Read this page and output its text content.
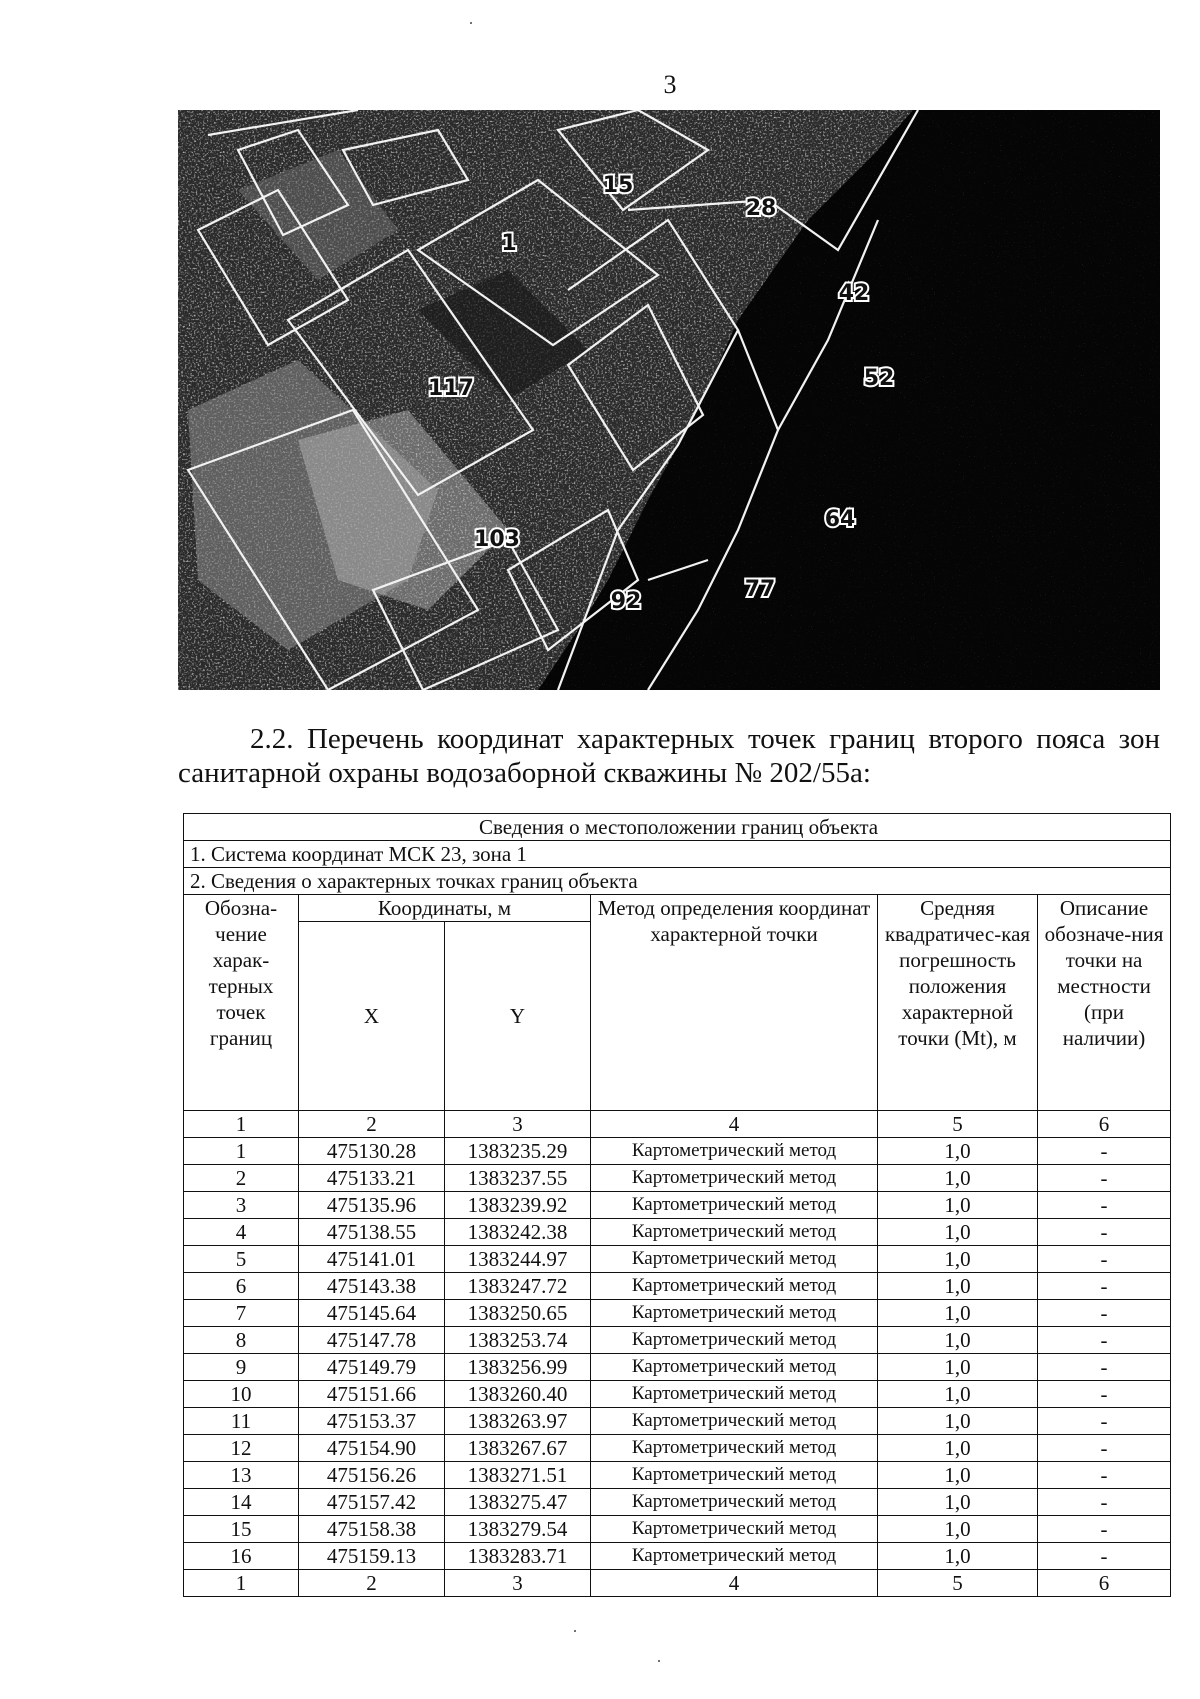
3
15
28
1
42
52
117
64
103
77
92
2.2. Перечень координат характерных точек границ второго пояса зон санитарной охраны водозаборной скважины № 202/55а:
Сведения о местоположении границ объекта					
1. Система координат МСК 23, зона 1					
2. Сведения о характерных точках границ объекта					
Обозна-чение харак-терных точек границ	Координаты, м		Метод определения координат характерной точки	Средняя квадратичес-кая погрешность положения характерной точки (Mt), м	Описание обозначе-ния точки на местности (при наличии)
	X	Y			
1	2	3	4	5	6
1	475130.28	1383235.29	Картометрический метод	1,0	-
2	475133.21	1383237.55	Картометрический метод	1,0	-
3	475135.96	1383239.92	Картометрический метод	1,0	-
4	475138.55	1383242.38	Картометрический метод	1,0	-
5	475141.01	1383244.97	Картометрический метод	1,0	-
6	475143.38	1383247.72	Картометрический метод	1,0	-
7	475145.64	1383250.65	Картометрический метод	1,0	-
8	475147.78	1383253.74	Картометрический метод	1,0	-
9	475149.79	1383256.99	Картометрический метод	1,0	-
10	475151.66	1383260.40	Картометрический метод	1,0	-
11	475153.37	1383263.97	Картометрический метод	1,0	-
12	475154.90	1383267.67	Картометрический метод	1,0	-
13	475156.26	1383271.51	Картометрический метод	1,0	-
14	475157.42	1383275.47	Картометрический метод	1,0	-
15	475158.38	1383279.54	Картометрический метод	1,0	-
16	475159.13	1383283.71	Картометрический метод	1,0	-
1	2	3	4	5	6
